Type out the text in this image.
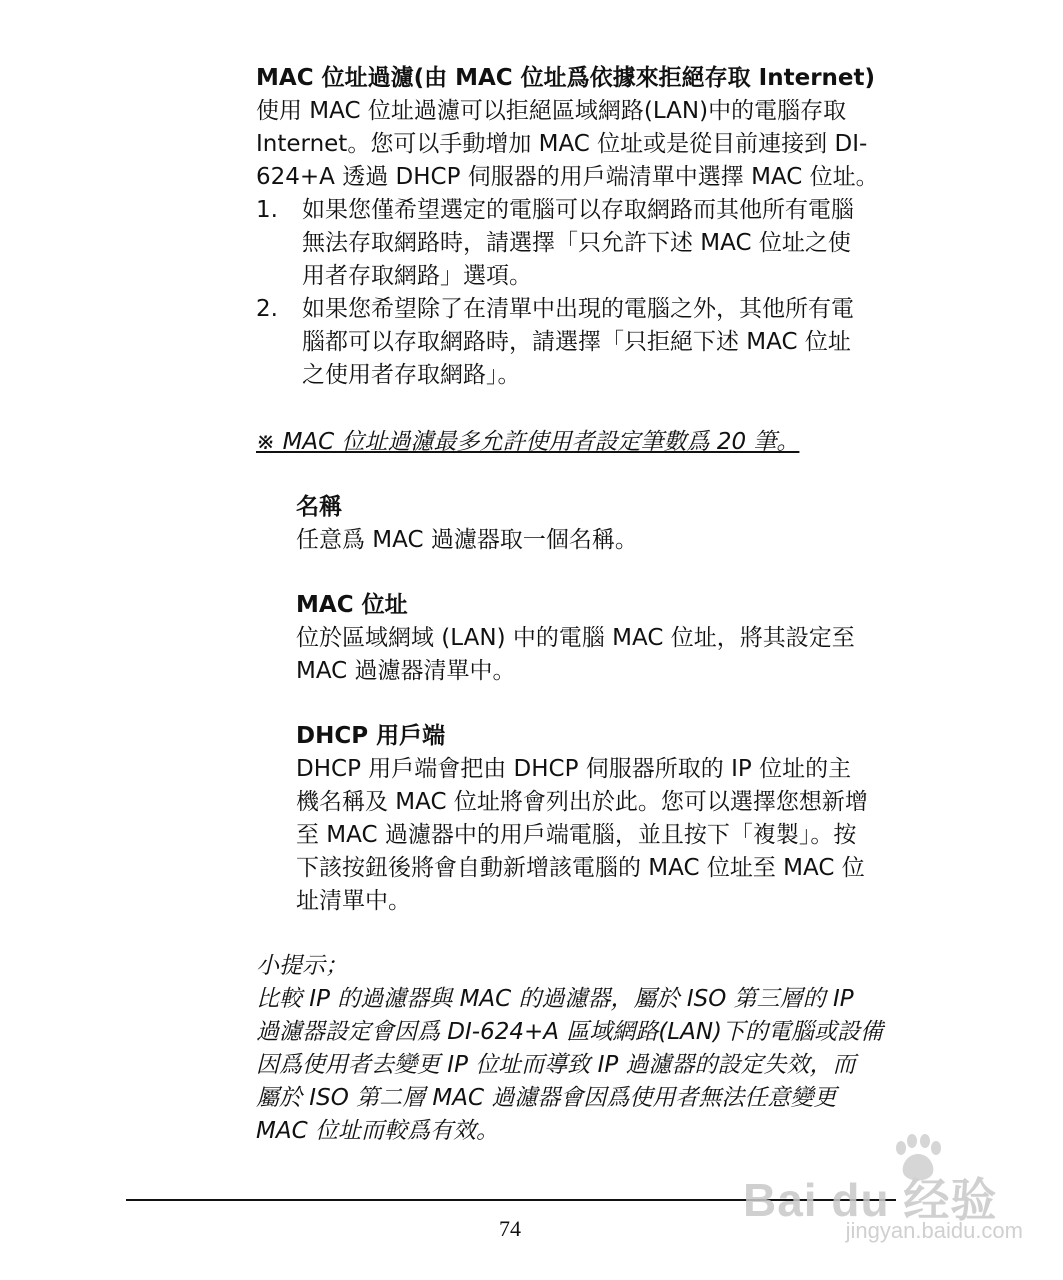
MAC 位址過濾(由 MAC 位址爲依據來拒絕存取 Internet)

使用 MAC 位址過濾可以拒絕區域網路(LAN)中的電腦存取

Internet。您可以手動增加 MAC 位址或是從目前連接到 DI-

624+A 透過 DHCP 伺服器的用戶端清單中選擇 MAC 位址。

1. 如果您僅希望選定的電腦可以存取網路而其他所有電腦

無法存取網路時，請選擇「只允許下述 MAC 位址之使

用者存取網路」選項。

2. 如果您希望除了在清單中出現的電腦之外，其他所有電

腦都可以存取網路時，請選擇「只拒絕下述 MAC 位址

之使用者存取網路」。

※ MAC 位址過濾最多允許使用者設定筆數爲 20 筆。

名稱

任意爲 MAC 過濾器取一個名稱。

MAC 位址

位於區域網域 (LAN) 中的電腦 MAC 位址，將其設定至

MAC 過濾器清單中。

DHCP 用戶端

DHCP 用戶端會把由 DHCP 伺服器所取的 IP 位址的主

機名稱及 MAC 位址將會列出於此。您可以選擇您想新增

至 MAC 過濾器中的用戶端電腦，並且按下「複製」。按

下該按鈕後將會自動新增該電腦的 MAC 位址至 MAC 位

址清單中。

小提示；

比較 IP 的過濾器與 MAC 的過濾器，屬於 ISO 第三層的 IP

過濾器設定會因爲 DI-624+A 區域網路(LAN)下的電腦或設備

因爲使用者去變更 IP 位址而導致 IP 過濾器的設定失效，而

屬於 ISO 第二層 MAC 過濾器會因爲使用者無法任意變更

MAC 位址而較爲有效。

74
Bai du 经验
jingyan.baidu.com
